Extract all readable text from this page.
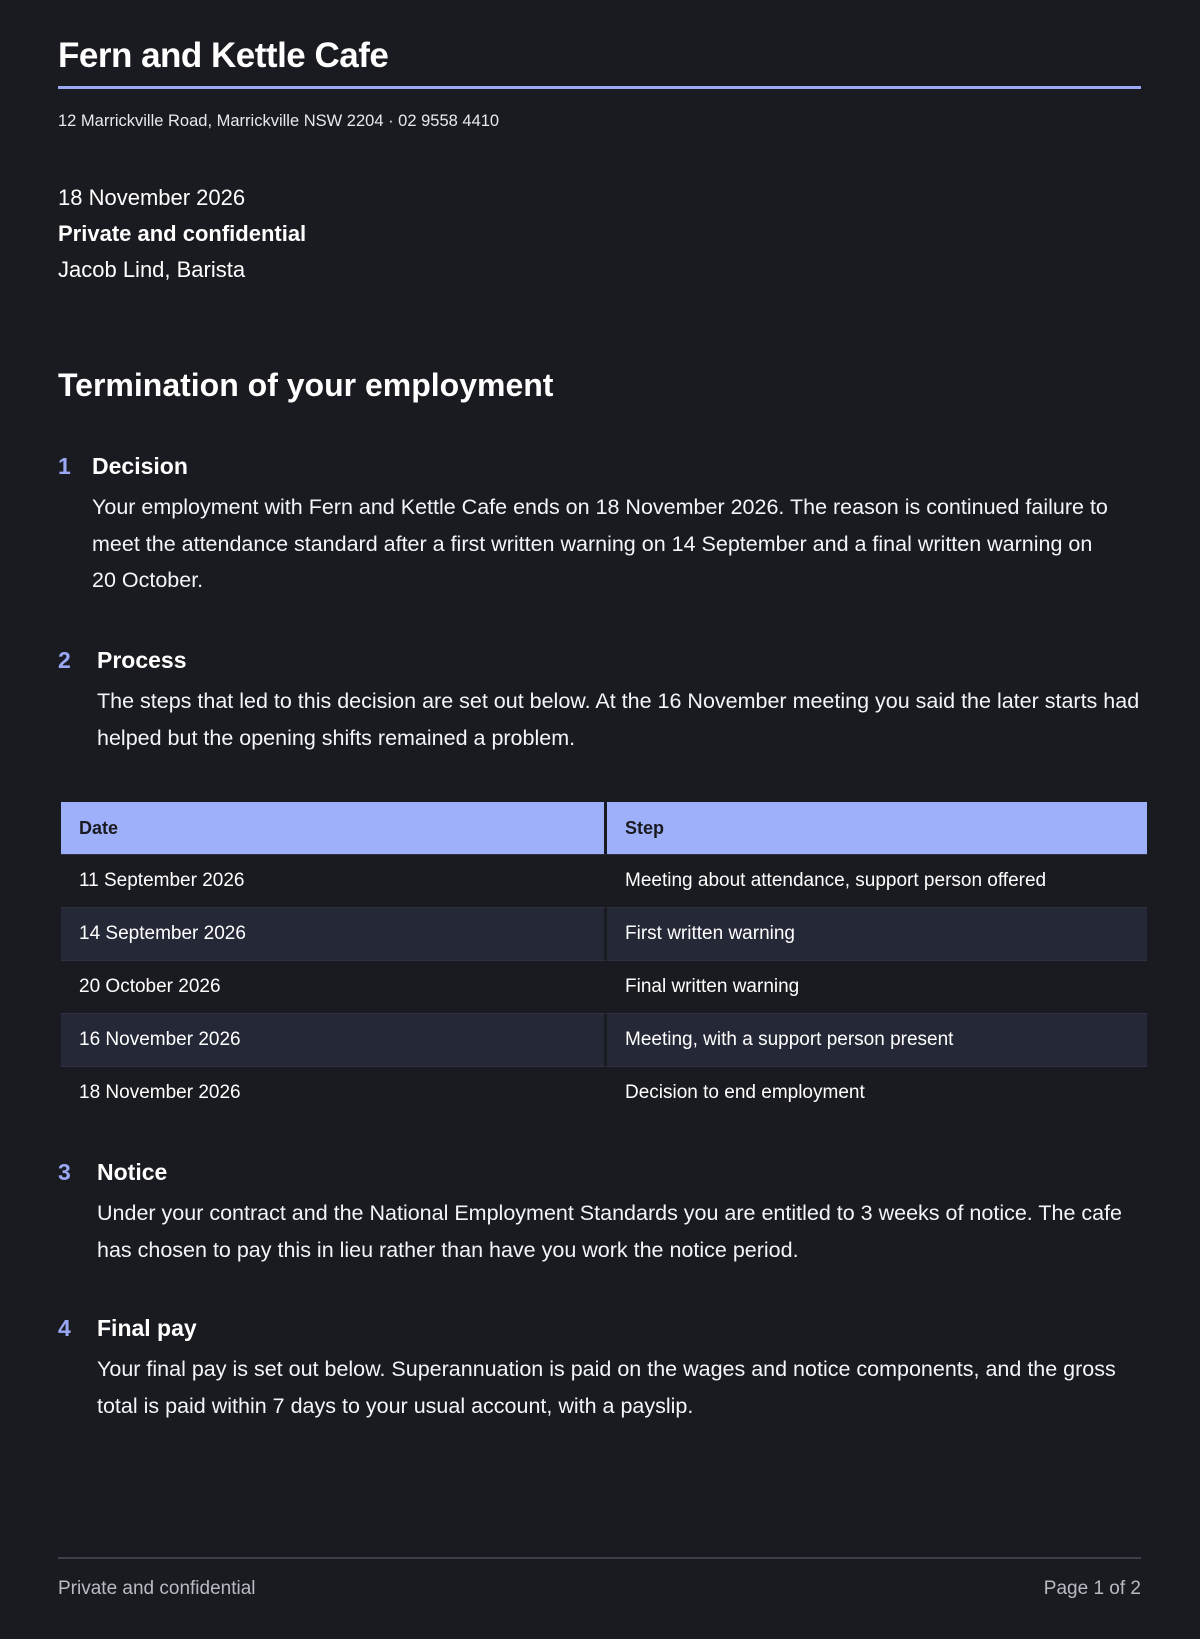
Fern and Kettle Cafe
12 Marrickville Road, Marrickville NSW 2204 · 02 9558 4410
18 November 2026
Private and confidential
Jacob Lind, Barista
Termination of your employment
1 Decision

Your employment with Fern and Kettle Cafe ends on 18 November 2026. The reason is continued failure to meet the attendance standard after a first written warning on 14 September and a final written warning on 20 October.

2 Process

The steps that led to this decision are set out below. At the 16 November meeting you said the later starts had helped but the opening shifts remained a problem.

Date	Step
11 September 2026	Meeting about attendance, support person offered
14 September 2026	First written warning
20 October 2026	Final written warning
16 November 2026	Meeting, with a support person present
18 November 2026	Decision to end employment
3 Notice

Under your contract and the National Employment Standards you are entitled to 3 weeks of notice. The cafe has chosen to pay this in lieu rather than have you work the notice period.

4 Final pay

Your final pay is set out below. Superannuation is paid on the wages and notice components, and the gross total is paid within 7 days to your usual account, with a payslip.

Private and confidential	Page 1 of 2
